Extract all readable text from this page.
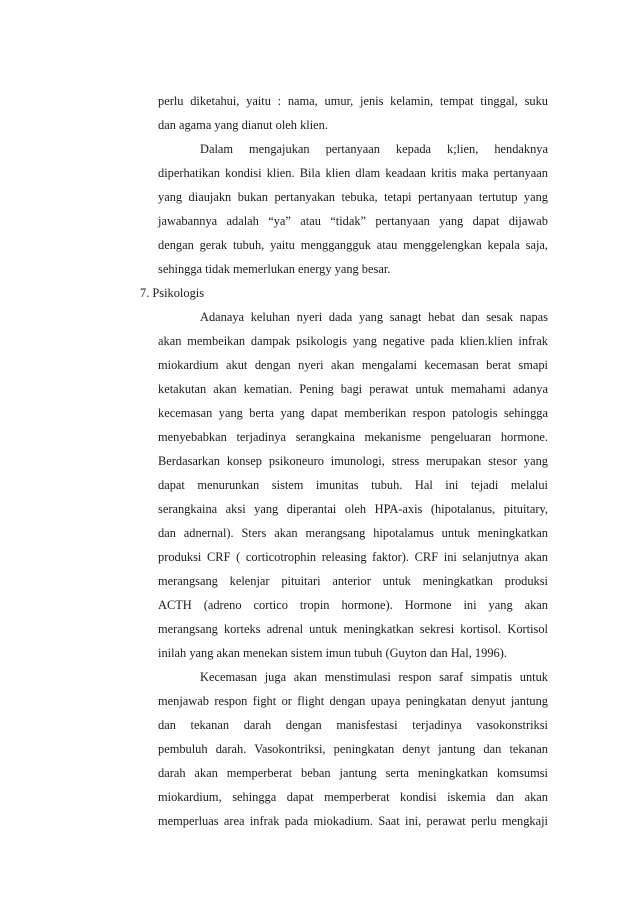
perlu diketahui, yaitu : nama, umur, jenis kelamin, tempat tinggal, suku
dan agama yang dianut oleh klien.
Dalam mengajukan pertanyaan kepada k;lien, hendaknya
diperhatikan kondisi klien. Bila klien dlam keadaan kritis maka pertanyaan
yang diaujakn bukan pertanyakan tebuka, tetapi pertanyaan tertutup yang
jawabannya adalah “ya” atau “tidak” pertanyaan yang dapat dijawab
dengan gerak tubuh, yaitu menggangguk atau menggelengkan kepala saja,
sehingga tidak memerlukan energy yang besar.
7. Psikologis
Adanaya keluhan nyeri dada yang sanagt hebat dan sesak napas
akan membeikan dampak psikologis yang negative pada klien.klien infrak
miokardium akut dengan nyeri akan mengalami kecemasan berat smapi
ketakutan akan kematian. Pening bagi perawat untuk memahami adanya
kecemasan yang berta yang dapat memberikan respon patologis sehingga
menyebabkan terjadinya serangkaina mekanisme pengeluaran hormone.
Berdasarkan konsep psikoneuro imunologi, stress merupakan stesor yang
dapat menurunkan sistem imunitas tubuh. Hal ini tejadi melalui
serangkaina aksi yang diperantai oleh HPA-axis (hipotalanus, pituitary,
dan adnernal). Sters akan merangsang hipotalamus untuk meningkatkan
produksi CRF ( corticotrophin releasing faktor). CRF ini selanjutnya akan
merangsang kelenjar pituitari anterior untuk meningkatkan produksi
ACTH (adreno cortico tropin hormone). Hormone ini yang akan
merangsang korteks adrenal untuk meningkatkan sekresi kortisol. Kortisol
inilah yang akan menekan sistem imun tubuh (Guyton dan Hal, 1996).
Kecemasan juga akan menstimulasi respon saraf simpatis untuk
menjawab respon fight or flight dengan upaya peningkatan denyut jantung
dan tekanan darah dengan manisfestasi terjadinya vasokonstriksi
pembuluh darah. Vasokontriksi, peningkatan denyt jantung dan tekanan
darah akan memperberat beban jantung serta meningkatkan komsumsi
miokardium, sehingga dapat memperberat kondisi iskemia dan akan
memperluas area infrak pada miokadium. Saat ini, perawat perlu mengkaji
